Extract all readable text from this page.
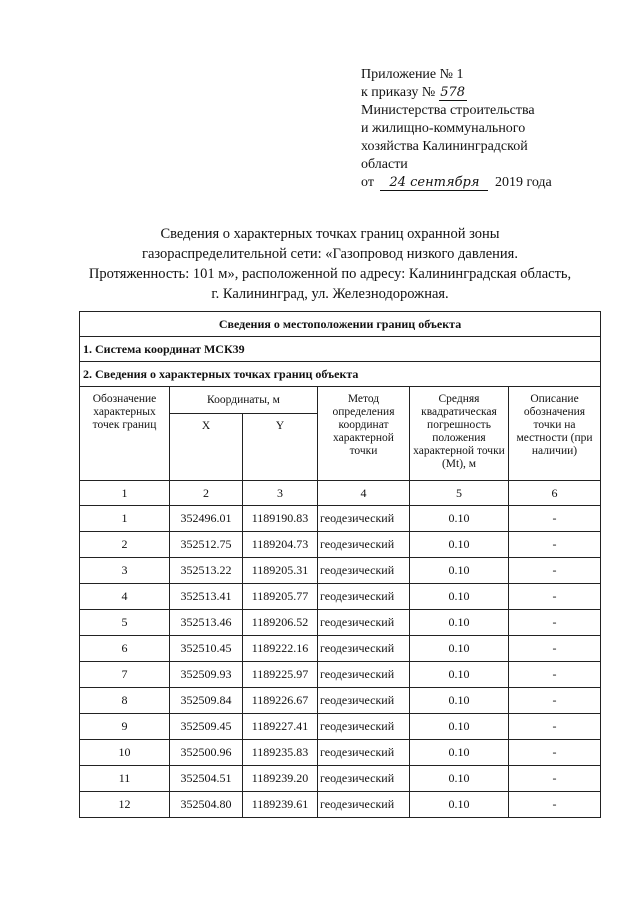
Приложение № 1
к приказу № 578
Министерства строительства
и жилищно-коммунального
хозяйства Калининградской
области
от 24 сентября 2019 года
Сведения о характерных точках границ охранной зоны
газораспределительной сети: «Газопровод низкого давления.
Протяженность: 101 м», расположенной по адресу: Калининградская область,
г. Калининград, ул. Железнодорожная.
Сведения о местоположении границ объекта					
1. Система координат МСК39					
2. Сведения о характерных точках границ объекта					
Обозначение характерных точек границ	Координаты, м		Метод определения координат характерной точки	Средняя квадратическая погрешность положения характерной точки (Mt), м	Описание обозначения точки на местности (при наличии)
	X	Y			
1	2	3	4	5	6
1	352496.01	1189190.83	геодезический	0.10	-
2	352512.75	1189204.73	геодезический	0.10	-
3	352513.22	1189205.31	геодезический	0.10	-
4	352513.41	1189205.77	геодезический	0.10	-
5	352513.46	1189206.52	геодезический	0.10	-
6	352510.45	1189222.16	геодезический	0.10	-
7	352509.93	1189225.97	геодезический	0.10	-
8	352509.84	1189226.67	геодезический	0.10	-
9	352509.45	1189227.41	геодезический	0.10	-
10	352500.96	1189235.83	геодезический	0.10	-
11	352504.51	1189239.20	геодезический	0.10	-
12	352504.80	1189239.61	геодезический	0.10	-
